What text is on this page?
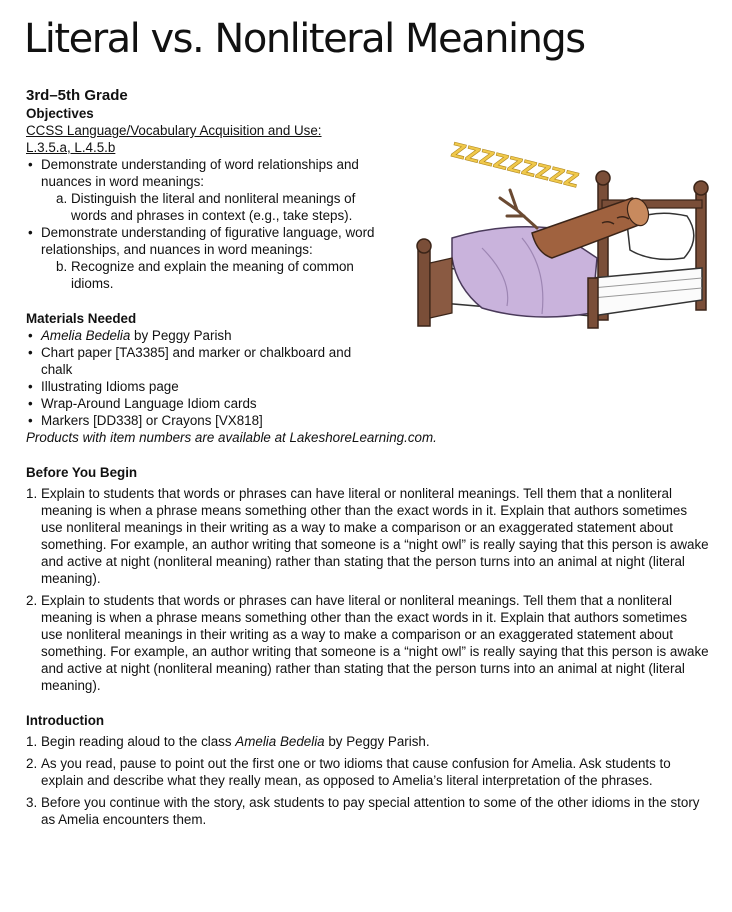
Literal vs. Nonliteral Meanings
ZZZZZZZZZ

3rd–5th Grade

Objectives

CCSS Language/Vocabulary Acquisition and Use:
L.3.5.a, L.4.5.b
• Demonstrate understanding of word relationships and nuances in word meanings:
a. Distinguish the literal and nonliteral meanings of words and phrases in context (e.g., take steps).
• Demonstrate understanding of figurative language, word relationships, and nuances in word meanings:
b. Recognize and explain the meaning of common idioms.

Materials Needed

• Amelia Bedelia by Peggy Parish
• Chart paper [TA3385] and marker or chalkboard and chalk
• Illustrating Idioms page
• Wrap-Around Language Idiom cards
• Markers [DD338] or Crayons [VX818]
Products with item numbers are available at LakeshoreLearning.com.

Before You Begin

1. Explain to students that words or phrases can have literal or nonliteral meanings. Tell them that a nonliteral meaning is when a phrase means something other than the exact words in it. Explain that authors sometimes use nonliteral meanings in their writing as a way to make a comparison or an exaggerated statement about something. For example, an author writing that someone is a “night owl” is really saying that this person is awake and active at night (nonliteral meaning) rather than stating that the person turns into an animal at night (literal meaning).
2. Explain to students that words or phrases can have literal or nonliteral meanings. Tell them that a nonliteral meaning is when a phrase means something other than the exact words in it. Explain that authors sometimes use nonliteral meanings in their writing as a way to make a comparison or an exaggerated statement about something. For example, an author writing that someone is a “night owl” is really saying that this person is awake and active at night (nonliteral meaning) rather than stating that the person turns into an animal at night (literal meaning).

Introduction

1. Begin reading aloud to the class Amelia Bedelia by Peggy Parish.
2. As you read, pause to point out the first one or two idioms that cause confusion for Amelia. Ask students to explain and describe what they really mean, as opposed to Amelia’s literal interpretation of the phrases.
3. Before you continue with the story, ask students to pay special attention to some of the other idioms in the story as Amelia encounters them.
